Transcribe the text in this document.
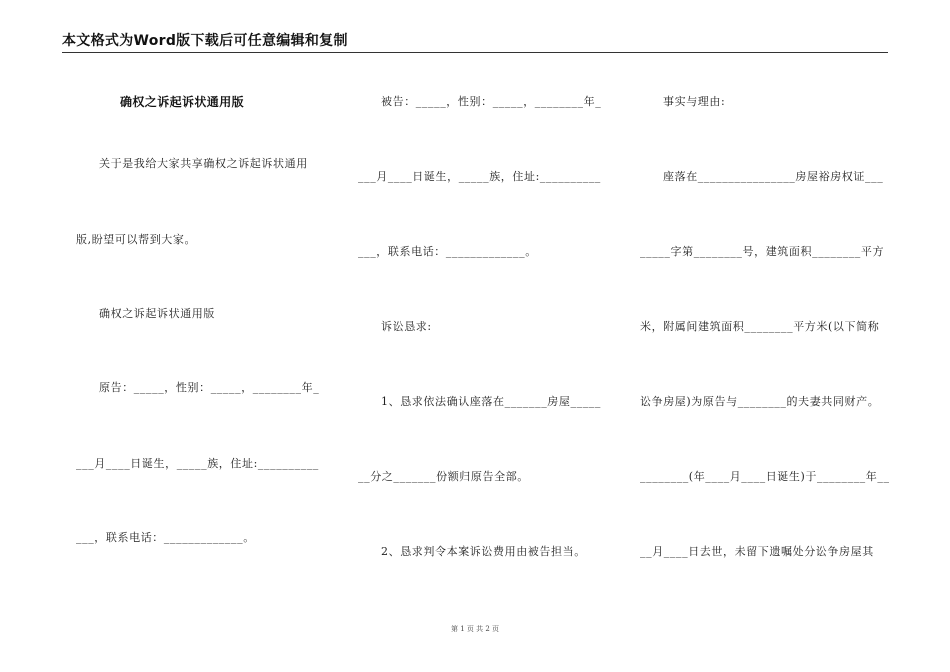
本文格式为Word版下载后可任意编辑和复制
确权之诉起诉状通用版
关于是我给大家共享确权之诉起诉状通用
版,盼望可以帮到大家。
确权之诉起诉状通用版
原告：_____，性别：_____，________年_
___月____日诞生，_____族，住址:__________
___，联系电话：_____________。
被告：_____，性别：_____，________年_
___月____日诞生，_____族，住址:__________
___，联系电话：_____________。
诉讼恳求:
1、恳求依法确认座落在_______房屋_____
__分之_______份额归原告全部。
2、恳求判令本案诉讼费用由被告担当。
事实与理由:
座落在________________房屋裕房权证___
_____字第________号，建筑面积________平方
米，附属间建筑面积________平方米(以下简称
讼争房屋)为原告与________的夫妻共同财产。
________(年____月____日诞生)于________年__
__月____日去世，未留下遗嘱处分讼争房屋其
第 1 页 共 2 页
